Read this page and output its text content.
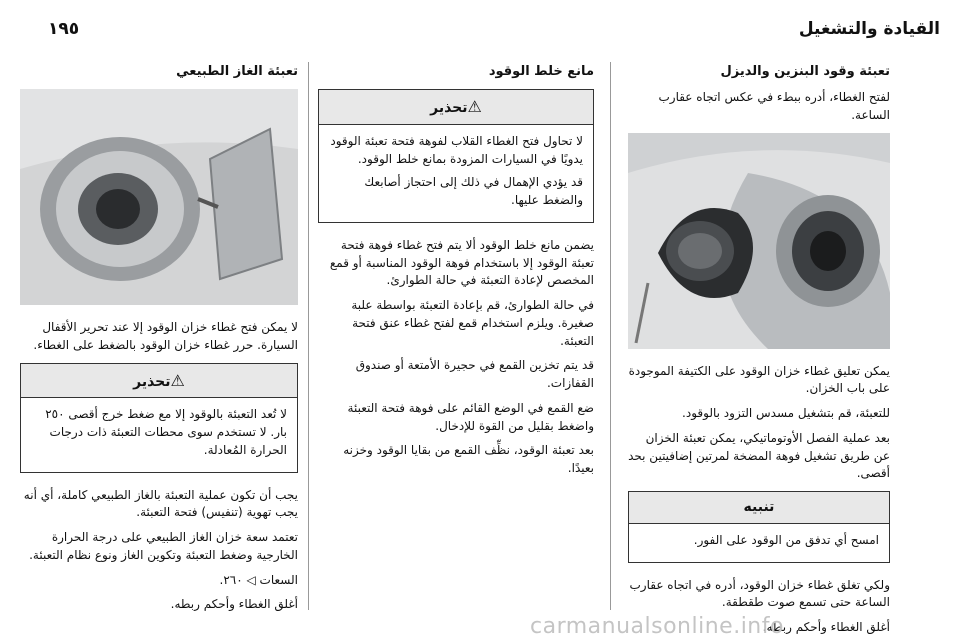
القيادة والتشغيل
١٩٥
تعبئة وقود البنزين والديزل

لفتح الغطاء، أدره ببطء في عكس اتجاه عقارب الساعة.

يمكن تعليق غطاء خزان الوقود على الكتيفة الموجودة على باب الخزان.

للتعبئة، قم بتشغيل مسدس التزود بالوقود.

بعد عملية الفصل الأوتوماتيكي، يمكن تعبئة الخزان عن طريق تشغيل فوهة المضخة لمرتين إضافيتين بحد أقصى.

تنبيه

امسح أي تدفق من الوقود على الفور.

ولكي تغلق غطاء خزان الوقود، أدره في اتجاه عقارب الساعة حتى تسمع صوت طقطقة.

أغلق الغطاء وأحكم ربطه.

مانع خلط الوقود
⚠تحذير

لا تحاول فتح الغطاء القلاب لفوهة فتحة تعبئة الوقود يدويًا في السيارات المزودة بمانع خلط الوقود.

قد يؤدي الإهمال في ذلك إلى احتجاز أصابعك والضغط عليها.

يضمن مانع خلط الوقود ألا يتم فتح غطاء فوهة فتحة تعبئة الوقود إلا باستخدام فوهة الوقود المناسبة أو قمع المخصص لإعادة التعبئة في حالة الطوارئ.

في حالة الطوارئ، قم بإعادة التعبئة بواسطة علبة صغيرة. ويلزم استخدام قمع لفتح غطاء عنق فتحة التعبئة.

قد يتم تخزين القمع في حجيرة الأمتعة أو صندوق القفازات.

ضع القمع في الوضع القائم على فوهة فتحة التعبئة واضغط بقليل من القوة للإدخال.

بعد تعبئة الوقود، نظِّف القمع من بقايا الوقود وخزنه بعيدًا.

تعبئة الغاز الطبيعي

لا يمكن فتح غطاء خزان الوقود إلا عند تحرير الأقفال السيارة. حرر غطاء خزان الوقود بالضغط على الغطاء.

⚠تحذير

لا تُعد التعبئة بالوقود إلا مع ضغط خرج أقصى ٢٥٠ بار. لا تستخدم سوى محطات التعبئة ذات درجات الحرارة المُعادلة.

يجب أن تكون عملية التعبئة بالغاز الطبيعي كاملة، أي أنه يجب تهوية (تنفيس) فتحة التعبئة.

تعتمد سعة خزان الغاز الطبيعي على درجة الحرارة الخارجية وضغط التعبئة وتكوين الغاز ونوع نظام التعبئة.

السعات ◁ ٢٦٠.

أغلق الغطاء وأحكم ربطه.

carmanualsonline.info
